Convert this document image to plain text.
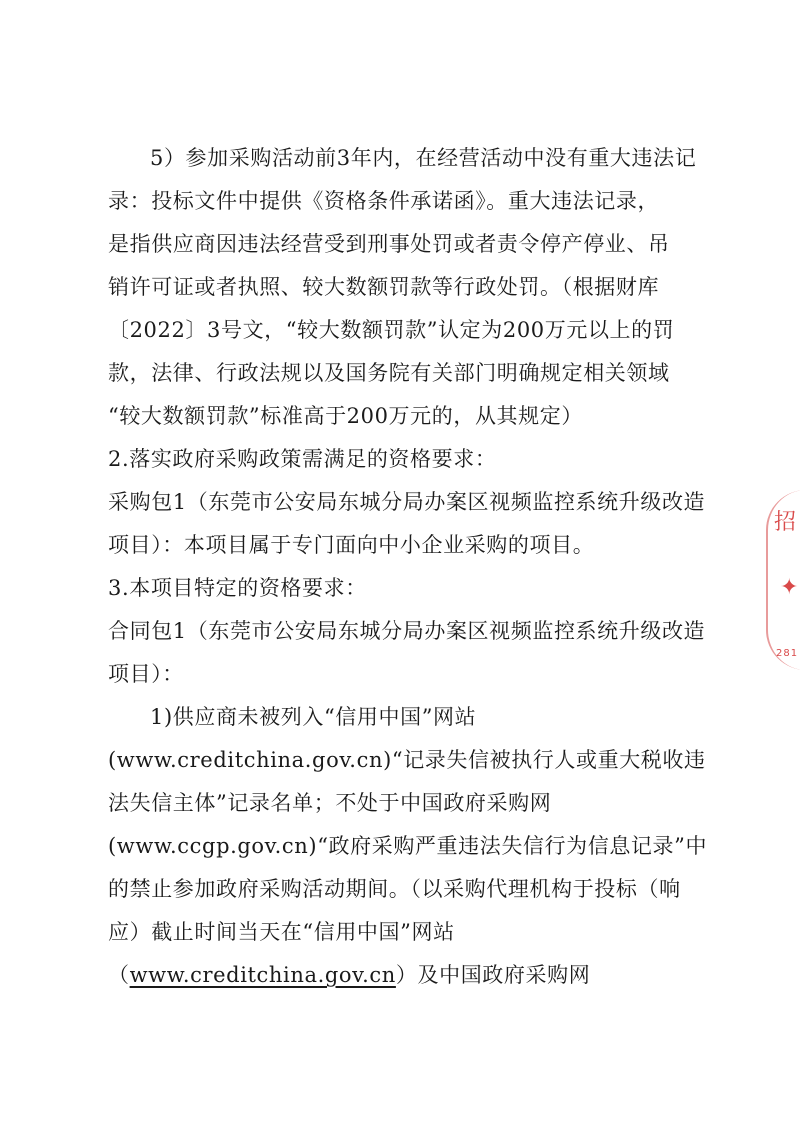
5）参加采购活动前3年内，在经营活动中没有重大违法记
录：投标文件中提供《资格条件承诺函》。重大违法记录，
是指供应商因违法经营受到刑事处罚或者责令停产停业、吊
销许可证或者执照、较大数额罚款等行政处罚。（根据财库
〔2022〕3号文，“较大数额罚款”认定为200万元以上的罚
款，法律、行政法规以及国务院有关部门明确规定相关领域
“较大数额罚款”标准高于200万元的，从其规定）
2.落实政府采购政策需满足的资格要求：
采购包1（东莞市公安局东城分局办案区视频监控系统升级改造
项目）：本项目属于专门面向中小企业采购的项目。
3.本项目特定的资格要求：
合同包1（东莞市公安局东城分局办案区视频监控系统升级改造
项目）：
1)供应商未被列入“信用中国”网站
(www.creditchina.gov.cn)“记录失信被执行人或重大税收违
法失信主体”记录名单；不处于中国政府采购网
(www.ccgp.gov.cn)“政府采购严重违法失信行为信息记录”中
的禁止参加政府采购活动期间。（以采购代理机构于投标（响
应）截止时间当天在“信用中国”网站
（www.creditchina.gov.cn）及中国政府采购网
招
✦
281
